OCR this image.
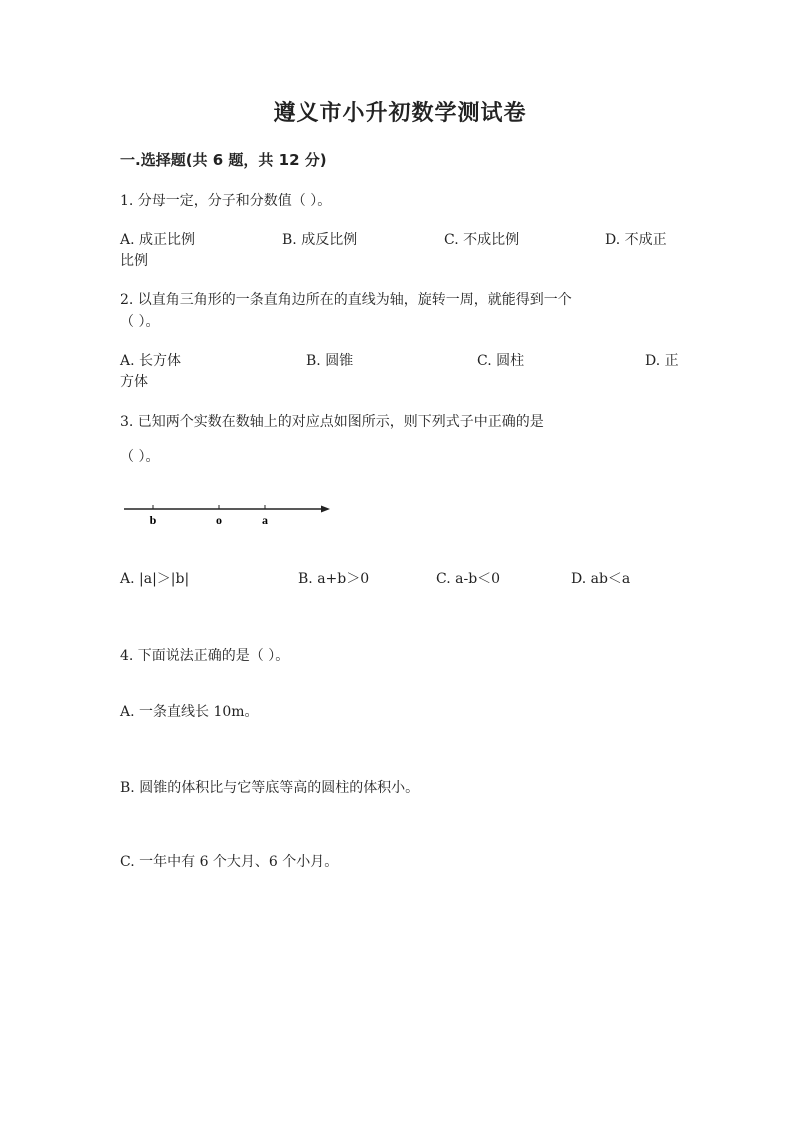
遵义市小升初数学测试卷
一.选择题(共 6 题，共 12 分)
1. 分母一定，分子和分数值（ ）。
A. 成正比例	B. 成反比例	C. 不成比例	D. 不成正
比例
2. 以直角三角形的一条直角边所在的直线为轴，旋转一周，就能得到一个
（ ）。
A. 长方体	B. 圆锥	C. 圆柱	D. 正
方体
3. 已知两个实数在数轴上的对应点如图所示，则下列式子中正确的是
（ ）。
b	o	a
A. |a|＞|b|	B. a+b＞0	C. a-b＜0	D. ab＜a
4. 下面说法正确的是（ ）。
A. 一条直线长 10m。
B. 圆锥的体积比与它等底等高的圆柱的体积小。
C. 一年中有 6 个大月、6 个小月。
